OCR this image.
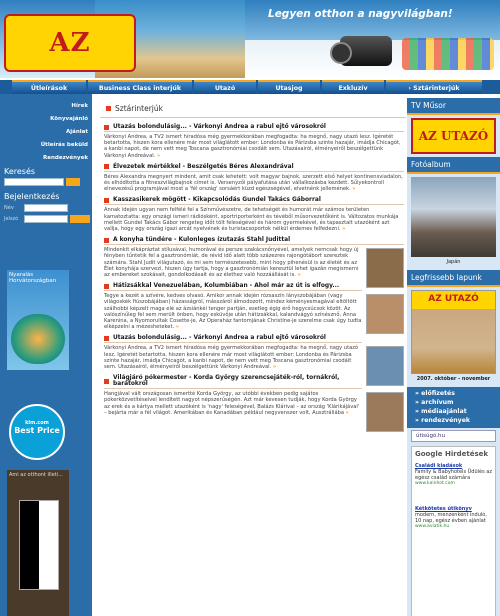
AZ
Legyen otthon a nagyvilágban!
Útleírások	Business Class interjúk	Utazó	Utasjog	Exkluzív	› Sztárinterjúk
Hírek
Könyvajánló
Ajánlat
Útleírás beküld
Rendezvények
Keresés
Bejelentkezés
Név
Jelszó
Nyaralás Horvátországban
klm.com
Best Price
Ami az otthont illeti...
Sztárinterjúk
Utazás bolondulásig... - Várkonyi Andrea a rabul ejtő városokról

Várkonyi Andrea, a TV2 ismert híradósa még gyermekkorában megfogadta: ha megnő, nagy utazó lesz. Igéretét betartotta, hiszen kora ellenére már most világlátott ember: Londonba és Párizsba szinte hazajár, imádja Chicagót, a kanbi napot, de nem vett meg Toscana gasztronómiai csodáit sem. Utazásairól, élményeiről beszélgettünk Várkonyi Andreával. »

Élvezetek mértékkel - Beszélgetés Béres Alexandrával

Béres Alexandra megnyert mindent, amit csak lehetett: volt magyar bajnok, szerzett első helyet kontinensviadalon, és elhódította a fitneszvilágbajnok címet is. Versenyzői pályafutása után vállalkozásba kezdett. Sűlyekontroll elnevezésű programjával most a 'fél ország' sorsáért küzd egészségével, elvetnénk jellemének. »

Kasszasikerek mögött - Kikapcsolódás Gundel Takács Gáborral

Annak idején ugyan nem felfélé fel a Színművészetre, de tehetségét és humorát már számos területen kamatoztatta: egy országi ismeri rádiósként, sportriporterként és tévéből műsorvezetőként is. Változatos munkája mellett Gundel Takács Gábor rengeteg időt tölt feleségével és három gyermekével, és tapasztalt utazóként azt vallja, hogy egy ország igazi arcát nyelvének és turistacsoportok nélkül érdemes felfedezni. »

A konyha tündére - Kulonleges ízutazás Stahl Judittal

Mindenkit elkápráztat stílusával, humorával és persze szakácsnőnyével, amelyek nemcsak hogy új fényben tűntetik fel a gasztronómiát, de révid idő alatt több százezres rajongótábort szereztek számára. Stahl Judit világutazó, és mi sem természetesebb, mint hogy pihenésül is az életét és az Élet konyhája szervezi, hiszen úgy tartja, hogy a gasztronómián keresztül lehet igazán megismerni az embereket szokásait, gondolkodásait és az élethez való hozzáállását is. »

Hátizsákkal Venezuelában, Kolumbiában - Ahol már az út is elfogy...

Tegye a kezét a szívére, kedves olvasó. Amikor annak idején rózsaszín lányszobájában (vagy világoskék fiúszobájában) házasságról, másszáról álmodozott, mindez kéményesmagával eltöltött szálhobbi képzelt maga elé az ázsiánkéi tenger partján, esetleg égig érő hegycsúcsok közöt. Az valószínűleg fel sem merült önben, hogy esküvője után hátizsákkal, kalandvágyó színésznő, Anna Karenina, a Nyomorultak Cosette-je, Az Operaház fantomjának Christine-je szerelme csak úgy tudta elképzelni a mézesheteket. »

Utazás bolondulásig... - Várkonyi Andrea a rabul ejtő városokról

Várkonyi Andrea, a TV2 ismert híradósa még gyermekkorában megfogadta: ha megnő, nagy utazó lesz. Igéretét betartotta, hiszen kora ellenére már most világlátott ember: Londonba és Párizsba szinte hazajár, imádja Chicagót, a kanbi napot, de nem vett meg Toscana gasztronómiai csodáit sem. Utazásairól, élményeiről beszélgettünk Várkonyi Andreával. »

Világjáró pókermester - Korda György szerencsejáték-ról, tornákról, barátokról

Hangjával vált országosan ismertté Korda György, az utóbbi években pedig sajátos pókerközvetítéseivel lendített nagyot népszerűségén. Azt már kevesen tudják, hogy Korda György az erek és a kártya mellett utazóként is 'nagy' feleségével, Balázs Klárival – az ország 'Klárikájával' – bejárta már a fél világot. Amerikában és Kanadában például negyvenszer volt, Ausztráliába »

TV Műsor
AZ UTAZÓ
Fotóalbum
Japán
Legfrissebb lapunk
AZ UTAZÓ
2007. október - november
» előfizetés
» archívum
» médiaajánlat
» rendezvények
útisúgó.hu
Google Hirdetések
Családi kiadások
Family & Babyhotels Üdülés az egész család számára
www.kainhot.com
Kétkötetes útikönyv
modern, menzenként induló, 10 nap, egész évben ajánlat
www.aviatik.hu
